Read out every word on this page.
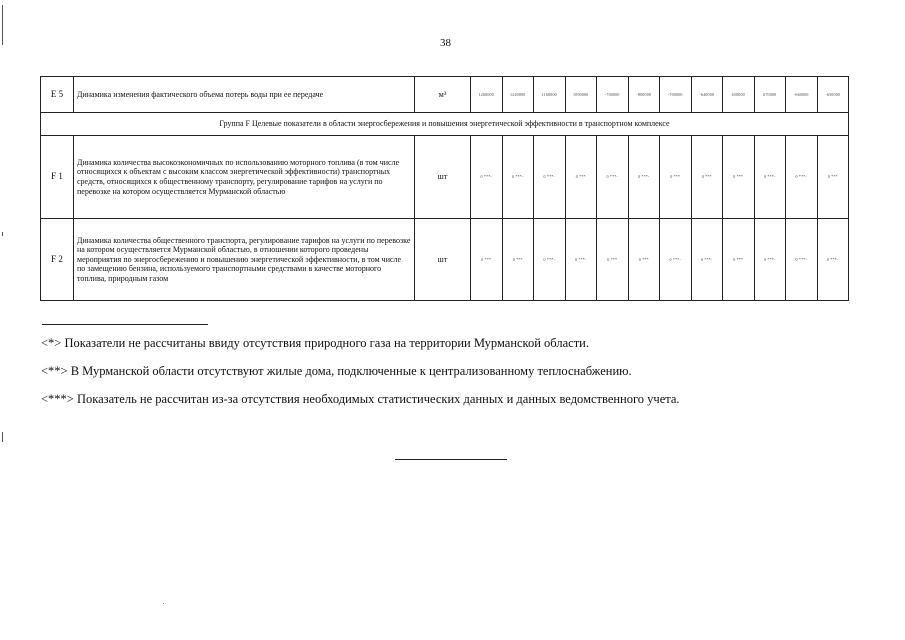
38
E 5	Динамика изменения фактического объема потерь воды при ее передаче	м³	1260000	1240000	1160000	1090000	-700000	-800000	-700000	-640000	650000	670000	-660000	-650000
Группа F Целевые показатели в области энергосбережения и повышения энергетической эффективности в транспортном комплексе														
F 1	Динамика количества высокоэкономичных по использованию моторного топлива (в том числе относящихся к объектам с высоким классом энергетической эффективности) транспортных средств, относящихся к общественному транспорту, регулирование тарифов на услуги по перевозке на котором осуществляется Мурманской областью	шт	0 ***-	0 ***-	0 ***-	0 ***	0 ***-	0 ***-	0 ***	0 ***	0 ***	0 ***-	0 ***-	0 ***
F 2	Динамика количества общественного транспорта, регулирование тарифов на услуги по перевозке на котором осуществляется Мурманской областью, в отношении которого проведены мероприятия по энергосбережению и повышению энергетической эффективности, в том числе по замещению бензина, используемого транспортными средствами в качестве моторного топлива, природным газом	шт	0 ***	0 ***	0 ***-	0 ***-	0 ***	0 ***	0 ***-	0 ***-	0 ***	0 ***-	0 ***-	0 ***-
<*> Показатели не рассчитаны ввиду отсутствия природного газа на территории Мурманской области.
<**> В Мурманской области отсутствуют жилые дома, подключенные к централизованному теплоснабжению.
<***> Показатель не рассчитан из-за отсутствия необходимых статистических данных и данных ведомственного учета.
